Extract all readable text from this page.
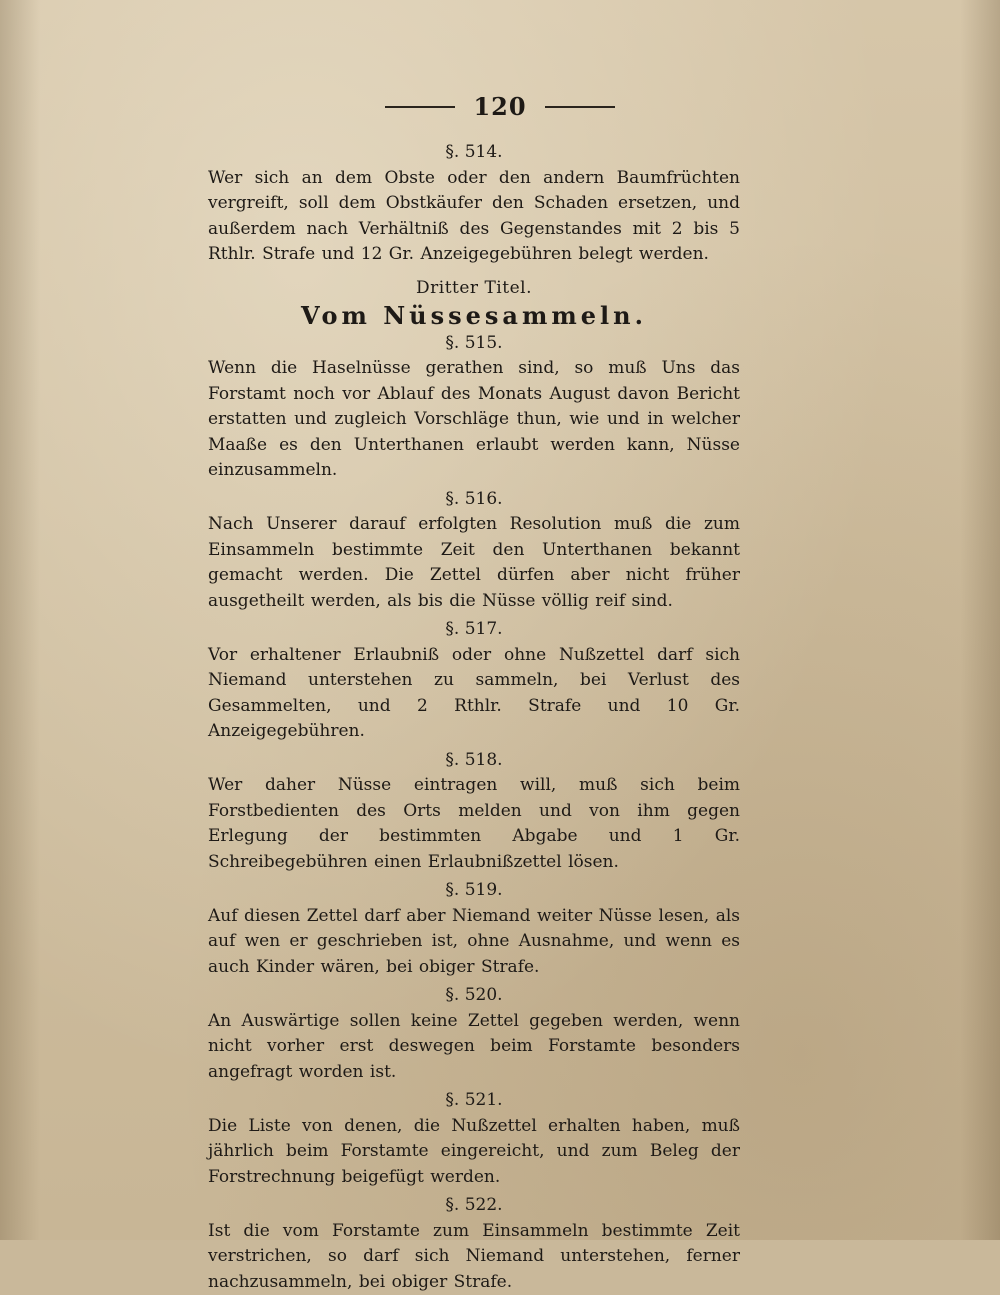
120

§. 514.

Wer sich an dem Obste oder den andern Baumfrüchten vergreift, soll dem Obstkäufer den Schaden ersetzen, und außerdem nach Verhältniß des Gegenstandes mit 2 bis 5 Rthlr. Strafe und 12 Gr. Anzeigegebühren belegt werden.

Dritter Titel.

Vom Nüssesammeln.

§. 515.

Wenn die Haselnüsse gerathen sind, so muß Uns das Forstamt noch vor Ablauf des Monats August davon Bericht erstatten und zugleich Vorschläge thun, wie und in welcher Maaße es den Unterthanen erlaubt werden kann, Nüsse einzusammeln.

§. 516.

Nach Unserer darauf erfolgten Resolution muß die zum Einsammeln bestimmte Zeit den Unterthanen bekannt gemacht werden. Die Zettel dürfen aber nicht früher ausgetheilt werden, als bis die Nüsse völlig reif sind.

§. 517.

Vor erhaltener Erlaubniß oder ohne Nußzettel darf sich Niemand unterstehen zu sammeln, bei Verlust des Gesammelten, und 2 Rthlr. Strafe und 10 Gr. Anzeigegebühren.

§. 518.

Wer daher Nüsse eintragen will, muß sich beim Forstbedienten des Orts melden und von ihm gegen Erlegung der bestimmten Abgabe und 1 Gr. Schreibegebühren einen Erlaubnißzettel lösen.

§. 519.

Auf diesen Zettel darf aber Niemand weiter Nüsse lesen, als auf wen er geschrieben ist, ohne Ausnahme, und wenn es auch Kinder wären, bei obiger Strafe.

§. 520.

An Auswärtige sollen keine Zettel gegeben werden, wenn nicht vorher erst deswegen beim Forstamte besonders angefragt worden ist.

§. 521.

Die Liste von denen, die Nußzettel erhalten haben, muß jährlich beim Forstamte eingereicht, und zum Beleg der Forstrechnung beigefügt werden.

§. 522.

Ist die vom Forstamte zum Einsammeln bestimmte Zeit verstrichen, so darf sich Niemand unterstehen, ferner nachzusammeln, bei obiger Strafe.
